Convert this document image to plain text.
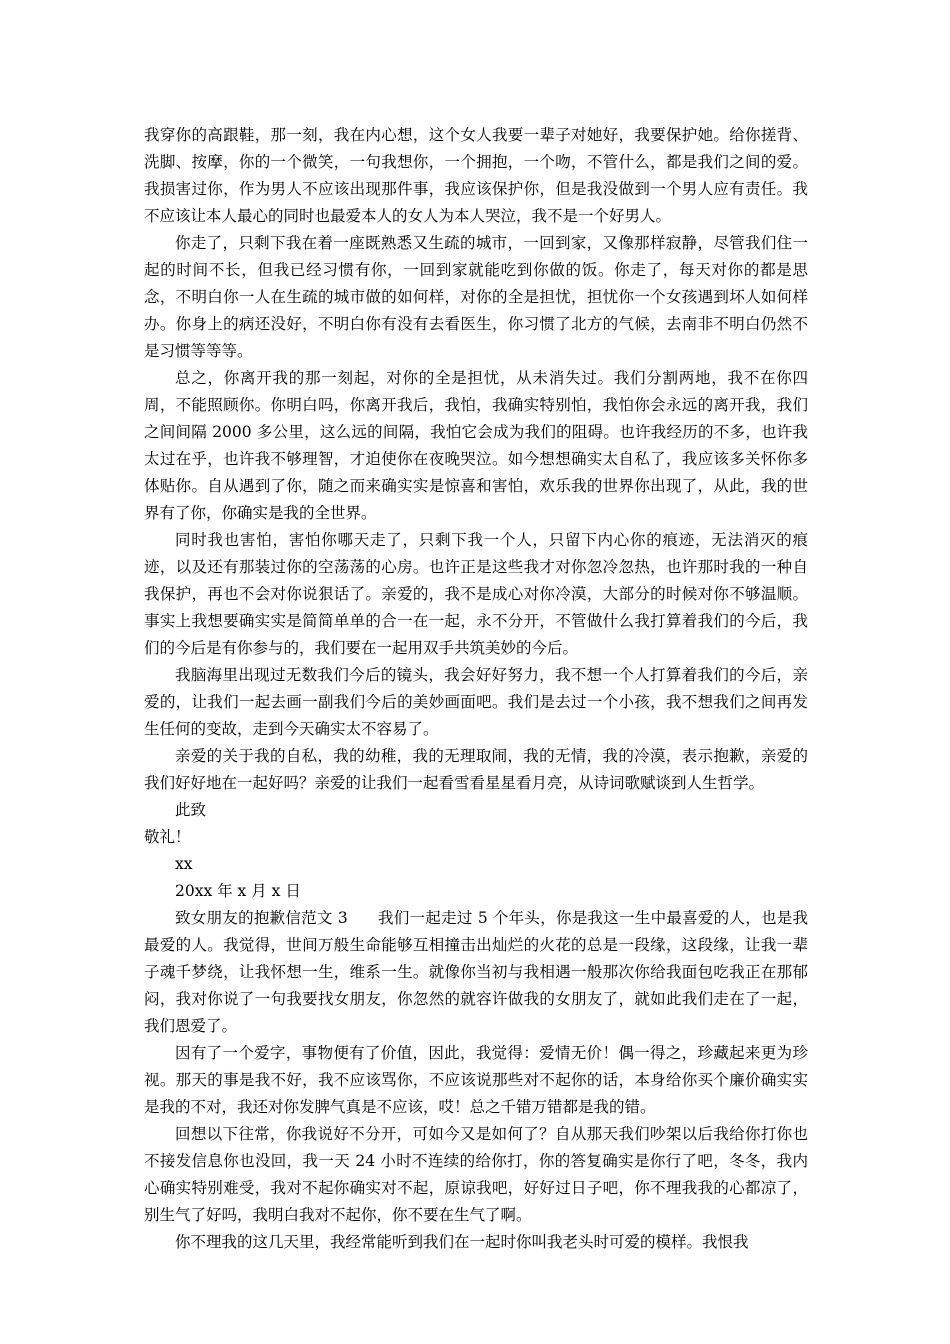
我穿你的高跟鞋，那一刻，我在内心想，这个女人我要一辈子对她好，我要保护她。给你搓背、洗脚、按摩，你的一个微笑，一句我想你，一个拥抱，一个吻，不管什么，都是我们之间的爱。我损害过你，作为男人不应该出现那件事，我应该保护你，但是我没做到一个男人应有责任。我不应该让本人最心的同时也最爱本人的女人为本人哭泣，我不是一个好男人。

你走了，只剩下我在着一座既熟悉又生疏的城市，一回到家，又像那样寂静，尽管我们住一起的时间不长，但我已经习惯有你，一回到家就能吃到你做的饭。你走了，每天对你的都是思念，不明白你一人在生疏的城市做的如何样，对你的全是担忧，担忧你一个女孩遇到坏人如何样办。你身上的病还没好，不明白你有没有去看医生，你习惯了北方的气候，去南非不明白仍然不是习惯等等等。

总之，你离开我的那一刻起，对你的全是担忧，从未消失过。我们分割两地，我不在你四周，不能照顾你。你明白吗，你离开我后，我怕，我确实特别怕，我怕你会永远的离开我，我们之间间隔 2000 多公里，这么远的间隔，我怕它会成为我们的阻碍。也许我经历的不多，也许我太过在乎，也许我不够理智，才迫使你在夜晚哭泣。如今想想确实太自私了，我应该多关怀你多体贴你。自从遇到了你，随之而来确实实是惊喜和害怕，欢乐我的世界你出现了，从此，我的世界有了你，你确实是我的全世界。

同时我也害怕，害怕你哪天走了，只剩下我一个人，只留下内心你的痕迹，无法消灭的痕迹，以及还有那装过你的空荡荡的心房。也许正是这些我才对你忽冷忽热，也许那时我的一种自我保护，再也不会对你说狠话了。亲爱的，我不是成心对你冷漠，大部分的时候对你不够温顺。事实上我想要确实实是简简单单的合一在一起，永不分开，不管做什么我打算着我们的今后，我们的今后是有你参与的，我们要在一起用双手共筑美妙的今后。

我脑海里出现过无数我们今后的镜头，我会好好努力，我不想一个人打算着我们的今后，亲爱的，让我们一起去画一副我们今后的美妙画面吧。我们是去过一个小孩，我不想我们之间再发生任何的变故，走到今天确实太不容易了。

亲爱的关于我的自私，我的幼稚，我的无理取闹，我的无情，我的冷漠，表示抱歉，亲爱的我们好好地在一起好吗？亲爱的让我们一起看雪看星星看月亮，从诗词歌赋谈到人生哲学。

此致

敬礼！

xx

20xx 年 x 月 x 日

致女朋友的抱歉信范文 3 我们一起走过 5 个年头，你是我这一生中最喜爱的人，也是我最爱的人。我觉得，世间万般生命能够互相撞击出灿烂的火花的总是一段缘，这段缘，让我一辈子魂千梦绕，让我怀想一生，维系一生。就像你当初与我相遇一般那次你给我面包吃我正在那郁闷，我对你说了一句我要找女朋友，你忽然的就容许做我的女朋友了，就如此我们走在了一起，我们恩爱了。

因有了一个爱字，事物便有了价值，因此，我觉得：爱情无价！偶一得之，珍藏起来更为珍视。那天的事是我不好，我不应该骂你，不应该说那些对不起你的话，本身给你买个廉价确实实是我的不对，我还对你发脾气真是不应该，哎！总之千错万错都是我的错。

回想以下往常，你我说好不分开，可如今又是如何了？自从那天我们吵架以后我给你打你也不接发信息你也没回，我一天 24 小时不连续的给你打，你的答复确实是你行了吧，冬冬，我内心确实特别难受，我对不起你确实对不起，原谅我吧，好好过日子吧，你不理我我的心都凉了，别生气了好吗，我明白我对不起你，你不要在生气了啊。

你不理我的这几天里，我经常能听到我们在一起时你叫我老头时可爱的模样。我恨我
